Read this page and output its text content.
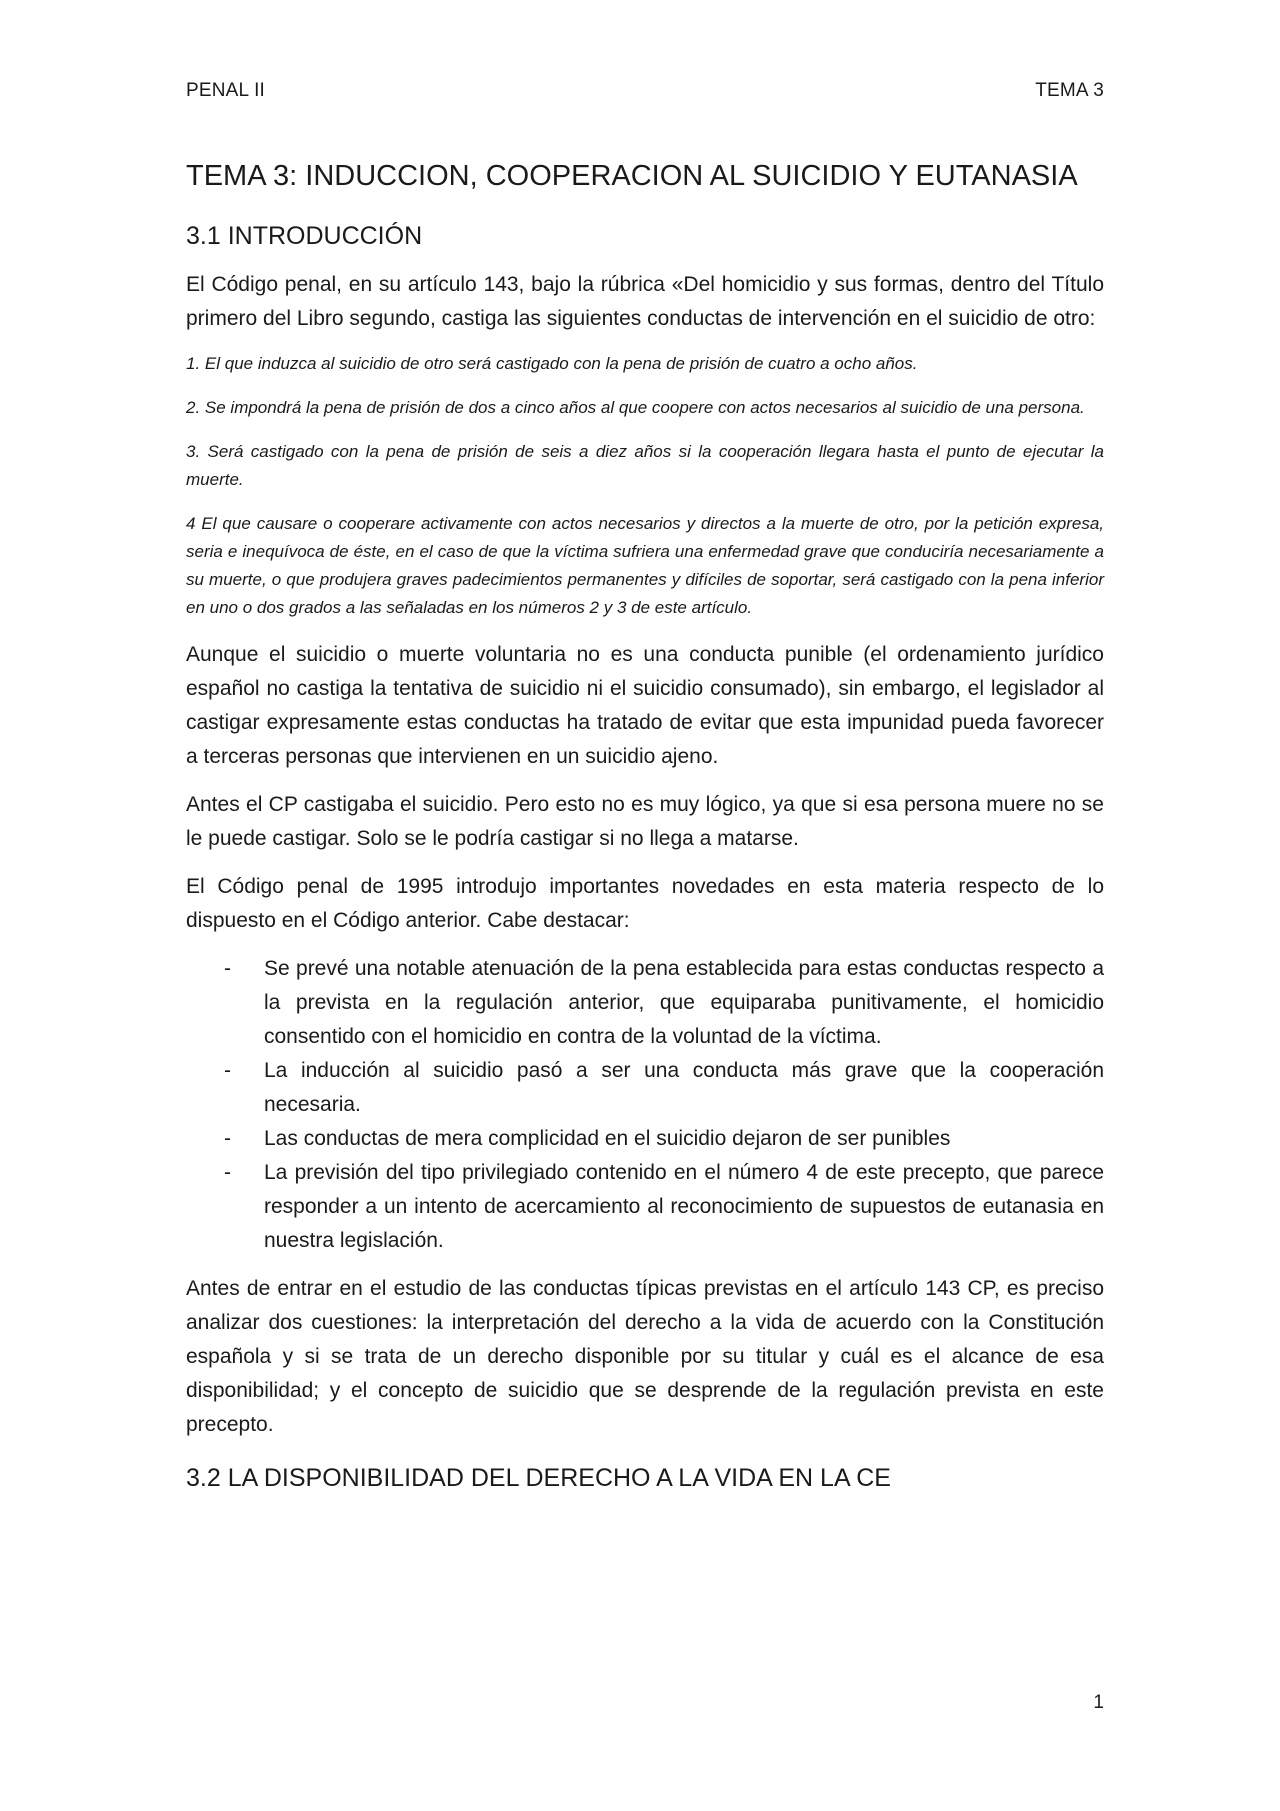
PENAL II	TEMA 3
TEMA 3: INDUCCION, COOPERACION AL SUICIDIO Y EUTANASIA
3.1 INTRODUCCIÓN

El Código penal, en su artículo 143, bajo la rúbrica «Del homicidio y sus formas, dentro del Título primero del Libro segundo, castiga las siguientes conductas de intervención en el suicidio de otro:

1. El que induzca al suicidio de otro será castigado con la pena de prisión de cuatro a ocho años.

2. Se impondrá la pena de prisión de dos a cinco años al que coopere con actos necesarios al suicidio de una persona.

3. Será castigado con la pena de prisión de seis a diez años si la cooperación llegara hasta el punto de ejecutar la muerte.

4 El que causare o cooperare activamente con actos necesarios y directos a la muerte de otro, por la petición expresa, seria e inequívoca de éste, en el caso de que la víctima sufriera una enfermedad grave que conduciría necesariamente a su muerte, o que produjera graves padecimientos permanentes y difíciles de soportar, será castigado con la pena inferior en uno o dos grados a las señaladas en los números 2 y 3 de este artículo.

Aunque el suicidio o muerte voluntaria no es una conducta punible (el ordenamiento jurídico español no castiga la tentativa de suicidio ni el suicidio consumado), sin embargo, el legislador al castigar expresamente estas conductas ha tratado de evitar que esta impunidad pueda favorecer a terceras personas que intervienen en un suicidio ajeno.

Antes el CP castigaba el suicidio. Pero esto no es muy lógico, ya que si esa persona muere no se le puede castigar. Solo se le podría castigar si no llega a matarse.

El Código penal de 1995 introdujo importantes novedades en esta materia respecto de lo dispuesto en el Código anterior. Cabe destacar:

- Se prevé una notable atenuación de la pena establecida para estas conductas respecto a la prevista en la regulación anterior, que equiparaba punitivamente, el homicidio consentido con el homicidio en contra de la voluntad de la víctima.
- La inducción al suicidio pasó a ser una conducta más grave que la cooperación necesaria.
- Las conductas de mera complicidad en el suicidio dejaron de ser punibles
- La previsión del tipo privilegiado contenido en el número 4 de este precepto, que parece responder a un intento de acercamiento al reconocimiento de supuestos de eutanasia en nuestra legislación.

Antes de entrar en el estudio de las conductas típicas previstas en el artículo 143 CP, es preciso analizar dos cuestiones: la interpretación del derecho a la vida de acuerdo con la Constitución española y si se trata de un derecho disponible por su titular y cuál es el alcance de esa disponibilidad; y el concepto de suicidio que se desprende de la regulación prevista en este precepto.

3.2 LA DISPONIBILIDAD DEL DERECHO A LA VIDA EN LA CE
1
